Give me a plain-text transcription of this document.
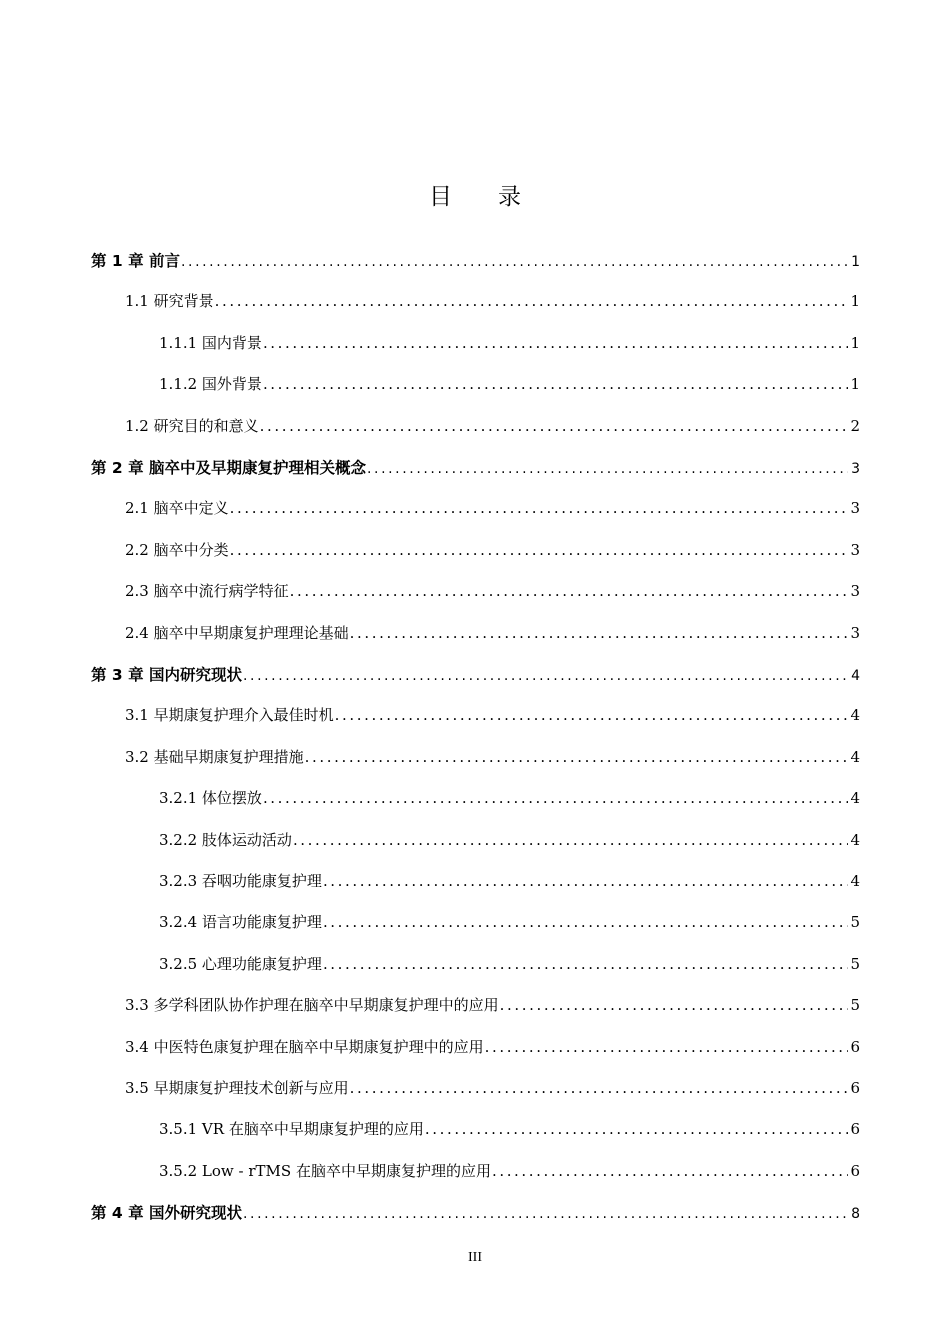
目 录
第 1 章 前言 .....	1
1.1 研究背景 .....	1
1.1.1 国内背景 .....	1
1.1.2 国外背景 .....	1
1.2 研究目的和意义 .....	2
第 2 章 脑卒中及早期康复护理相关概念 .....	3
2.1 脑卒中定义 .....	3
2.2 脑卒中分类 .....	3
2.3 脑卒中流行病学特征 .....	3
2.4 脑卒中早期康复护理理论基础 .....	3
第 3 章 国内研究现状 .....	4
3.1 早期康复护理介入最佳时机 .....	4
3.2 基础早期康复护理措施 .....	4
3.2.1 体位摆放 .....	4
3.2.2 肢体运动活动 .....	4
3.2.3 吞咽功能康复护理 .....	4
3.2.4 语言功能康复护理 .....	5
3.2.5 心理功能康复护理 .....	5
3.3 多学科团队协作护理在脑卒中早期康复护理中的应用 .....	5
3.4 中医特色康复护理在脑卒中早期康复护理中的应用 .....	6
3.5 早期康复护理技术创新与应用 .....	6
3.5.1 VR 在脑卒中早期康复护理的应用 .....	6
3.5.2 Low - rTMS 在脑卒中早期康复护理的应用 .....	6
第 4 章 国外研究现状 .....	8
III
